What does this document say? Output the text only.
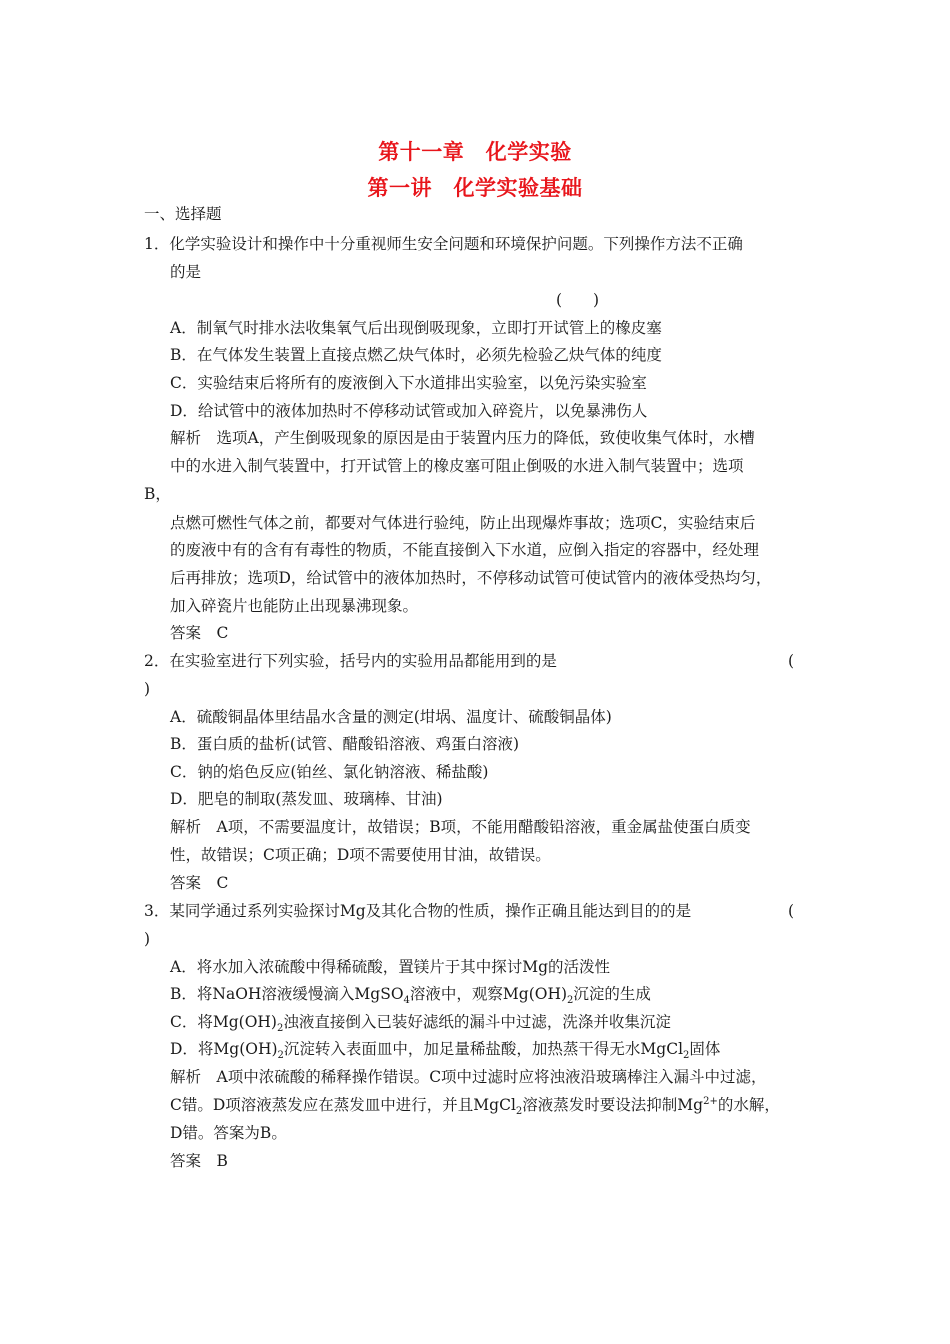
第十一章　化学实验
第一讲　化学实验基础
一、选择题
1．化学实验设计和操作中十分重视师生安全问题和环境保护问题。下列操作方法不正确
的是
(　　)
A．制氧气时排水法收集氧气后出现倒吸现象，立即打开试管上的橡皮塞
B．在气体发生装置上直接点燃乙炔气体时，必须先检验乙炔气体的纯度
C．实验结束后将所有的废液倒入下水道排出实验室，以免污染实验室
D．给试管中的液体加热时不停移动试管或加入碎瓷片，以免暴沸伤人
解析　选项A，产生倒吸现象的原因是由于装置内压力的降低，致使收集气体时，水槽
中的水进入制气装置中，打开试管上的橡皮塞可阻止倒吸的水进入制气装置中；选项
B，
点燃可燃性气体之前，都要对气体进行验纯，防止出现爆炸事故；选项C，实验结束后
的废液中有的含有有毒性的物质，不能直接倒入下水道，应倒入指定的容器中，经处理
后再排放；选项D，给试管中的液体加热时，不停移动试管可使试管内的液体受热均匀，
加入碎瓷片也能防止出现暴沸现象。
答案　C
2．在实验室进行下列实验，括号内的实验用品都能用到的是	(
)
A．硫酸铜晶体里结晶水含量的测定(坩埚、温度计、硫酸铜晶体)
B．蛋白质的盐析(试管、醋酸铅溶液、鸡蛋白溶液)
C．钠的焰色反应(铂丝、氯化钠溶液、稀盐酸)
D．肥皂的制取(蒸发皿、玻璃棒、甘油)
解析　A项，不需要温度计，故错误；B项，不能用醋酸铅溶液，重金属盐使蛋白质变
性，故错误；C项正确；D项不需要使用甘油，故错误。
答案　C
3．某同学通过系列实验探讨Mg及其化合物的性质，操作正确且能达到目的的是	(
)
A．将水加入浓硫酸中得稀硫酸，置镁片于其中探讨Mg的活泼性
B．将NaOH溶液缓慢滴入MgSO$_4$溶液中，观察$Mg(OH)_2$沉淀的生成
C．将$Mg(OH)_2$浊液直接倒入已装好滤纸的漏斗中过滤，洗涤并收集沉淀
D．将$Mg(OH)_2$沉淀转入表面皿中，加足量稀盐酸，加热蒸干得无水MgCl$_2$固体
解析　A项中浓硫酸的稀释操作错误。C项中过滤时应将浊液沿玻璃棒注入漏斗中过滤，
C错。D项溶液蒸发应在蒸发皿中进行，并且MgCl$_2$溶液蒸发时要设法抑制$Mg^{2+}$的水解，
D错。答案为B。
答案　B
